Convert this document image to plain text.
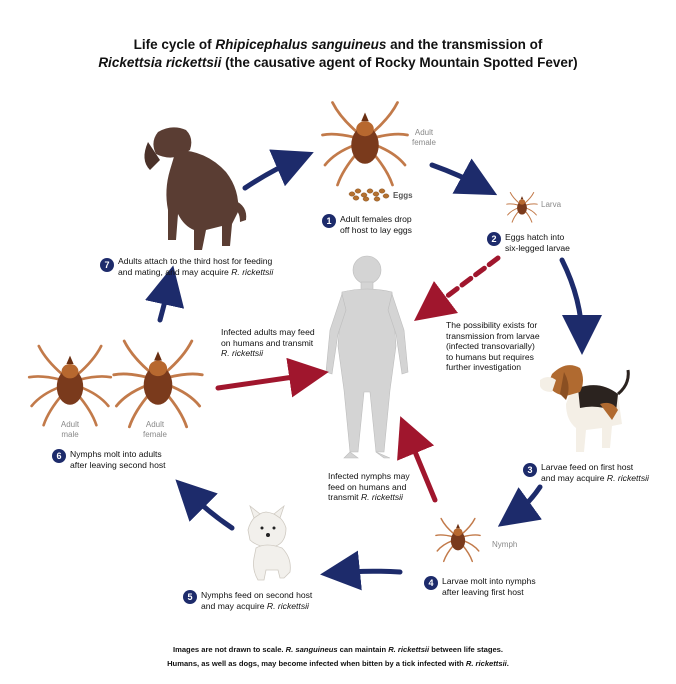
Life cycle of Rhipicephalus sanguineus and the transmission of
Rickettsia rickettsii (the causative agent of Rocky Mountain Spotted Fever)
Adult
female
Eggs
Larva
Nymph
Adult
male
Adult
female
1
2
3
4
5
6
7
Adult females drop
off host to lay eggs
Eggs hatch into
six-legged larvae
Larvae feed on first host
and may acquire R. rickettsii
Larvae molt into nymphs
after leaving first host
Nymphs feed on second host
and may acquire R. rickettsii
Nymphs molt into adults
after leaving second host
Adults attach to the third host for feeding
and mating, and may acquire R. rickettsii
Infected adults may feed
on humans and transmit
R. rickettsii
Infected nymphs may
feed on humans and
transmit R. rickettsii
The possibility exists for
transmission from larvae
(infected transovarially)
to humans but requires
further investigation
Images are not drawn to scale. R. sanguineus can maintain R. rickettsii between life stages.
Humans, as well as dogs, may become infected when bitten by a tick infected with R. rickettsii.
